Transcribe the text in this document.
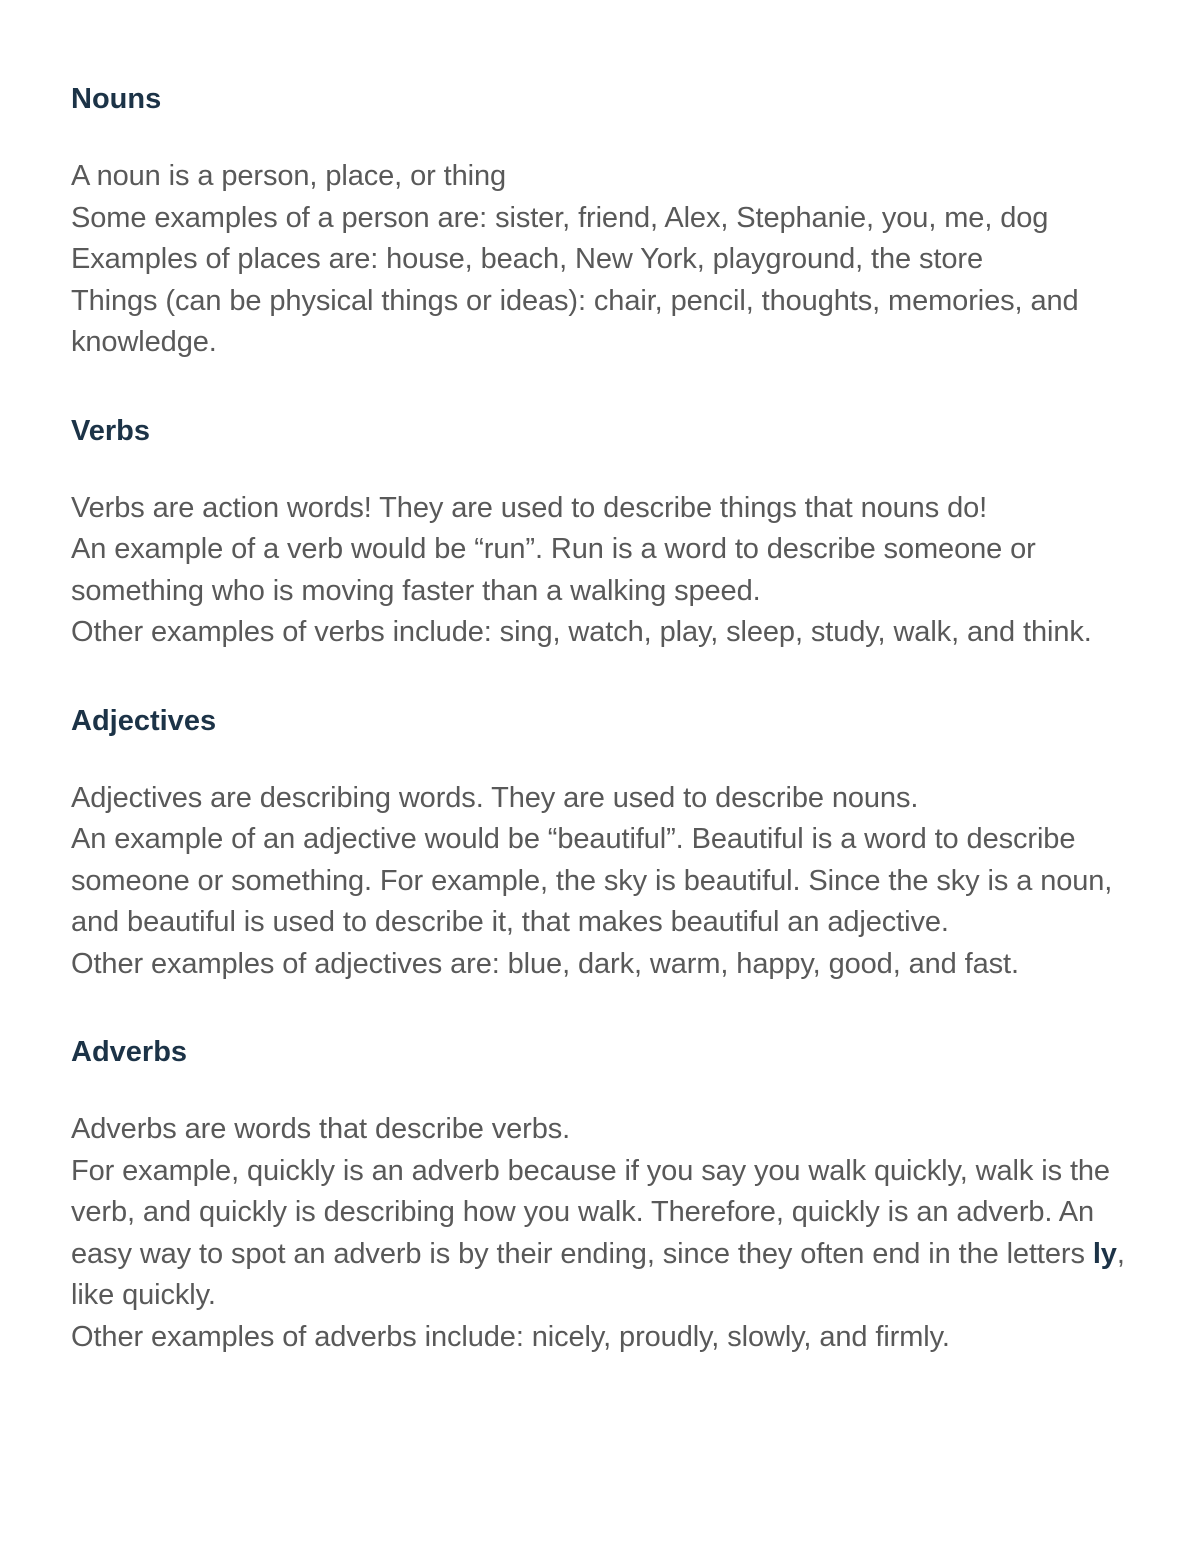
Nouns

A noun is a person, place, or thing

Some examples of a person are: sister, friend, Alex, Stephanie, you, me, dog

Examples of places are: house, beach, New York, playground, the store

Things (can be physical things or ideas): chair, pencil, thoughts, memories, and knowledge.

Verbs

Verbs are action words! They are used to describe things that nouns do!

An example of a verb would be “run”. Run is a word to describe someone or something who is moving faster than a walking speed.

Other examples of verbs include: sing, watch, play, sleep, study, walk, and think.

Adjectives

Adjectives are describing words. They are used to describe nouns.

An example of an adjective would be “beautiful”. Beautiful is a word to describe someone or something. For example, the sky is beautiful. Since the sky is a noun, and beautiful is used to describe it, that makes beautiful an adjective.

Other examples of adjectives are: blue, dark, warm, happy, good, and fast.

Adverbs

Adverbs are words that describe verbs.

For example, quickly is an adverb because if you say you walk quickly, walk is the verb, and quickly is describing how you walk. Therefore, quickly is an adverb. An easy way to spot an adverb is by their ending, since they often end in the letters ly, like quickly.

Other examples of adverbs include: nicely, proudly, slowly, and firmly.
